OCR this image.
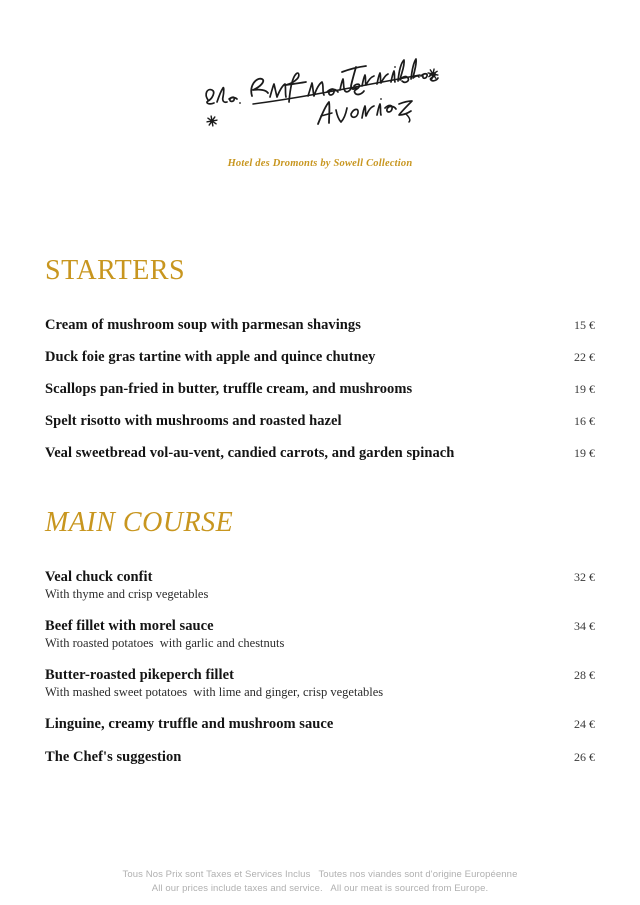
Hotel des Dromonts by Sowell Collection
STARTERS
Cream of mushroom soup with parmesan shavings	15 €
Duck foie gras tartine with apple and quince chutney	22 €
Scallops pan-fried in butter, truffle cream, and mushrooms	19 €
Spelt risotto with mushrooms and roasted hazel	16 €
Veal sweetbread vol-au-vent, candied carrots, and garden spinach	19 €
MAIN COURSE
Veal chuck confit	32 €
With thyme and crisp vegetables
Beef fillet with morel sauce	34 €
With roasted potatoes  with garlic and chestnuts
Butter-roasted pikeperch fillet	28 €
With mashed sweet potatoes  with lime and ginger, crisp vegetables
Linguine, creamy truffle and mushroom sauce	24 €
The Chef's suggestion	26 €
Tous Nos Prix sont Taxes et Services Inclus   Toutes nos viandes sont d'origine Européenne
All our prices include taxes and service.   All our meat is sourced from Europe.
